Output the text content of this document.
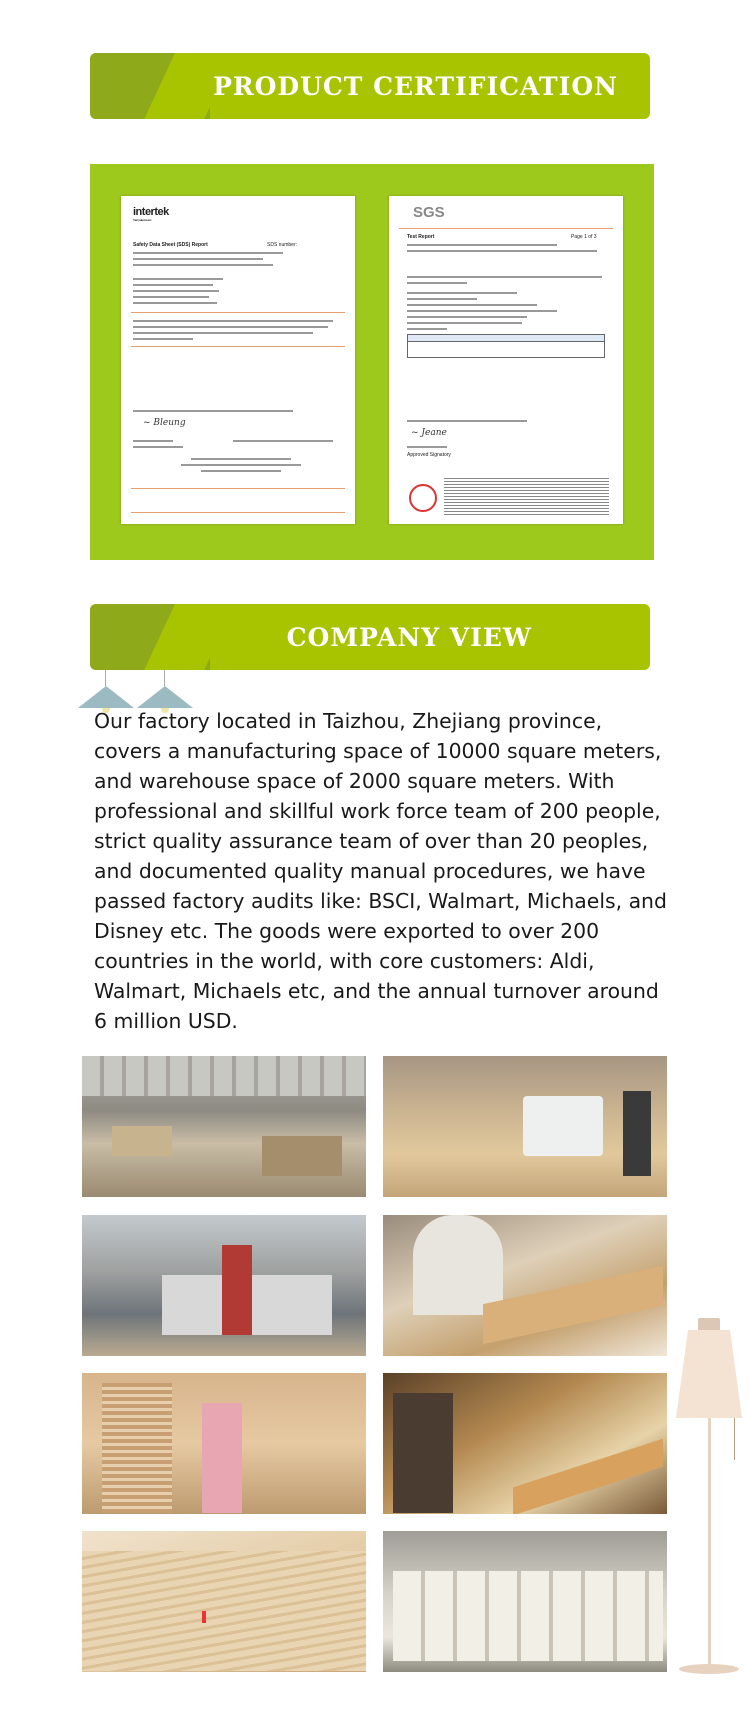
PRODUCT CERTIFICATION
intertek
Total Quality. Assured.
Safety Data Sheet (SDS) Report	SDS number:
~ Bleung
SGS
Test Report	Page 1 of 3
~ Jeane
Approved Signatory
COMPANY VIEW

Our factory located in Taizhou, Zhejiang province, covers a manufacturing space of 10000 square meters, and warehouse space of 2000 square meters. With professional and skillful work force team of 200 people, strict quality assurance team of over than 20 peoples, and documented quality manual procedures, we have passed factory audits like: BSCI, Walmart, Michaels, and Disney etc. The goods were exported to over 200 countries in the world, with core customers: Aldi, Walmart, Michaels etc, and the annual turnover around 6 million USD.
